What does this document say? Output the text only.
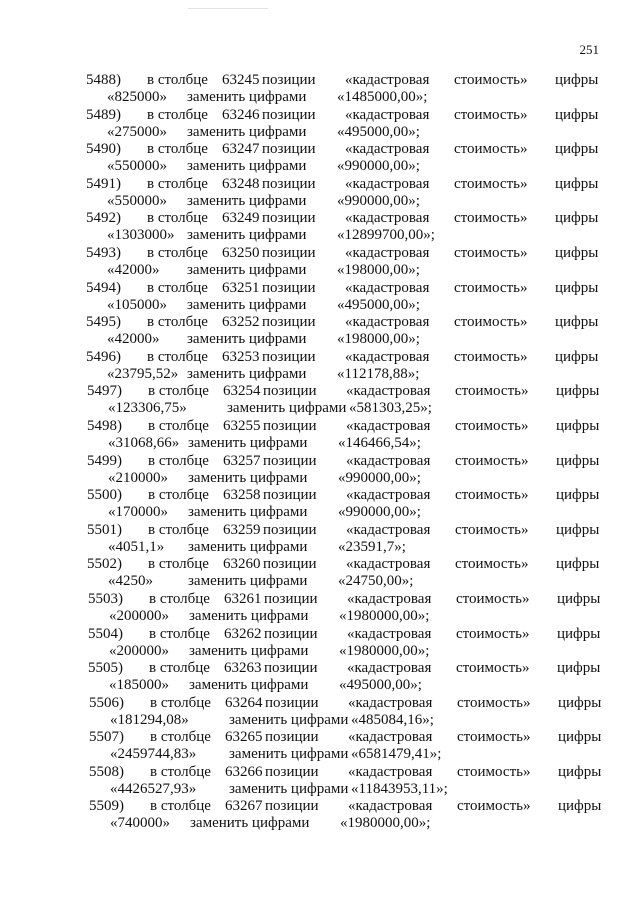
251
5488) в столбце 63245 позиции «кадастровая стоимость» цифры
«825000» заменить цифрами «1485000,00»;
5489) в столбце 63246 позиции «кадастровая стоимость» цифры
«275000» заменить цифрами «495000,00»;
5490) в столбце 63247 позиции «кадастровая стоимость» цифры
«550000» заменить цифрами «990000,00»;
5491) в столбце 63248 позиции «кадастровая стоимость» цифры
«550000» заменить цифрами «990000,00»;
5492) в столбце 63249 позиции «кадастровая стоимость» цифры
«1303000» заменить цифрами «12899700,00»;
5493) в столбце 63250 позиции «кадастровая стоимость» цифры
«42000» заменить цифрами «198000,00»;
5494) в столбце 63251 позиции «кадастровая стоимость» цифры
«105000» заменить цифрами «495000,00»;
5495) в столбце 63252 позиции «кадастровая стоимость» цифры
«42000» заменить цифрами «198000,00»;
5496) в столбце 63253 позиции «кадастровая стоимость» цифры
«23795,52» заменить цифрами «112178,88»;
5497) в столбце 63254 позиции «кадастровая стоимость» цифры
«123306,75»	заменить цифрами «581303,25»;
5498) в столбце 63255 позиции «кадастровая стоимость» цифры
«31068,66» заменить цифрами «146466,54»;
5499) в столбце 63257 позиции «кадастровая стоимость» цифры
«210000» заменить цифрами «990000,00»;
5500) в столбце 63258 позиции «кадастровая стоимость» цифры
«170000» заменить цифрами «990000,00»;
5501) в столбце 63259 позиции «кадастровая стоимость» цифры
«4051,1» заменить цифрами «23591,7»;
5502) в столбце 63260 позиции «кадастровая стоимость» цифры
«4250» заменить цифрами «24750,00»;
5503) в столбце 63261 позиции «кадастровая стоимость» цифры
«200000» заменить цифрами «1980000,00»;
5504) в столбце 63262 позиции «кадастровая стоимость» цифры
«200000» заменить цифрами «1980000,00»;
5505) в столбце 63263 позиции «кадастровая стоимость» цифры
«185000» заменить цифрами «495000,00»;
5506) в столбце 63264 позиции «кадастровая стоимость» цифры
«181294,08»	заменить цифрами «485084,16»;
5507) в столбце 63265 позиции «кадастровая стоимость» цифры
«2459744,83» заменить цифрами «6581479,41»;
5508) в столбце 63266 позиции «кадастровая стоимость» цифры
«4426527,93» заменить цифрами «11843953,11»;
5509) в столбце 63267 позиции «кадастровая стоимость» цифры
«740000» заменить цифрами «1980000,00»;
